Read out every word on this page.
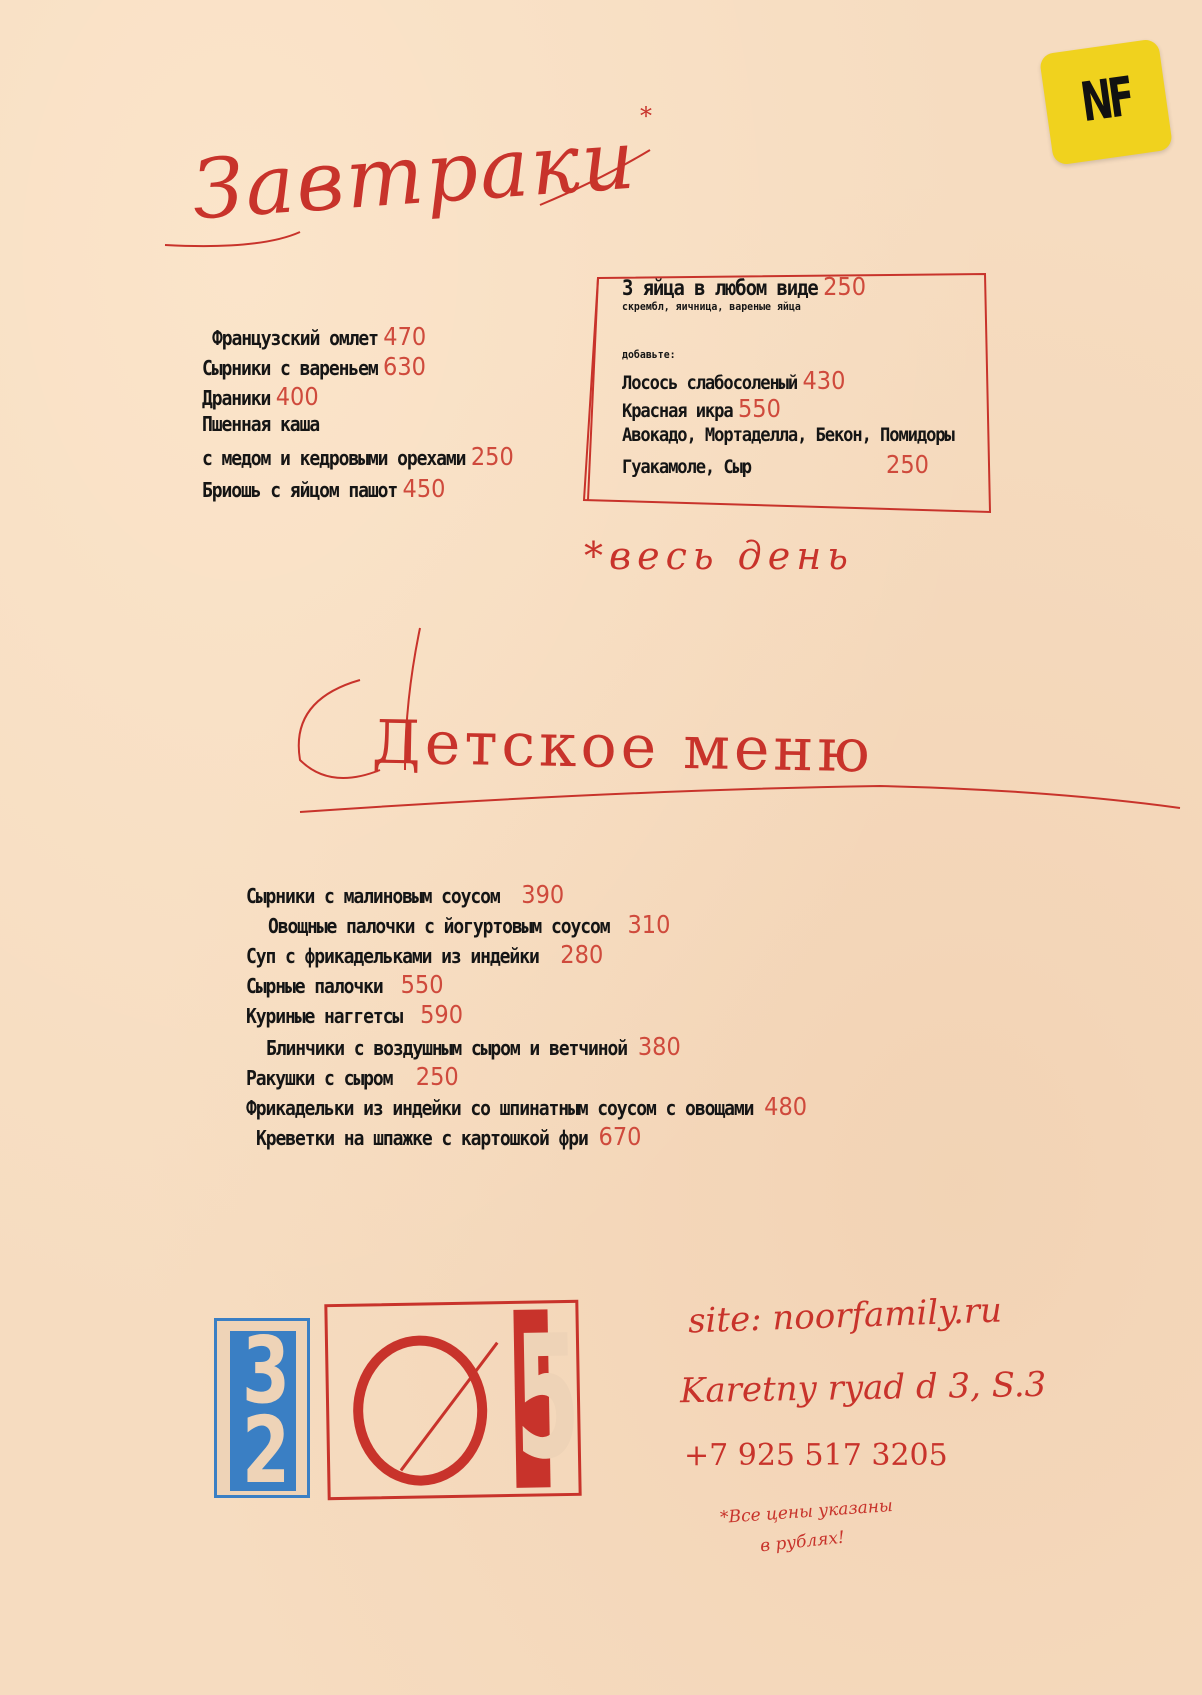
NF
Завтраки *
Французский омлет 470
Сырники с вареньем 630
Драники 400
Пшенная каша
с медом и кедровыми орехами 250
Бриошь с яйцом пашот 450
3 яйца в любом виде 250
скрембл, яичница, вареные яйца
добавьте:
Лосось слабосоленый 430
Красная икра 550
Авокадо, Мортаделла, Бекон, Помидоры
Гуакамоле, Сыр	250
*весь день
Детское меню
Сырники с малиновым соусом 390
Овощные палочки с йогуртовым соусом 310
Суп с фрикадельками из индейки 280
Сырные палочки 550
Куриные наггетсы 590
Блинчики с воздушным сыром и ветчиной 380
Ракушки с сыром 250
Фрикадельки из индейки со шпинатным соусом с овощами 480
Креветки на шпажке с картошкой фри 670
32 5	site: noorfamily.ru
Karetny ryad d 3, S.3
+7 925 517 3205
*Все цены указаны
в рублях!
